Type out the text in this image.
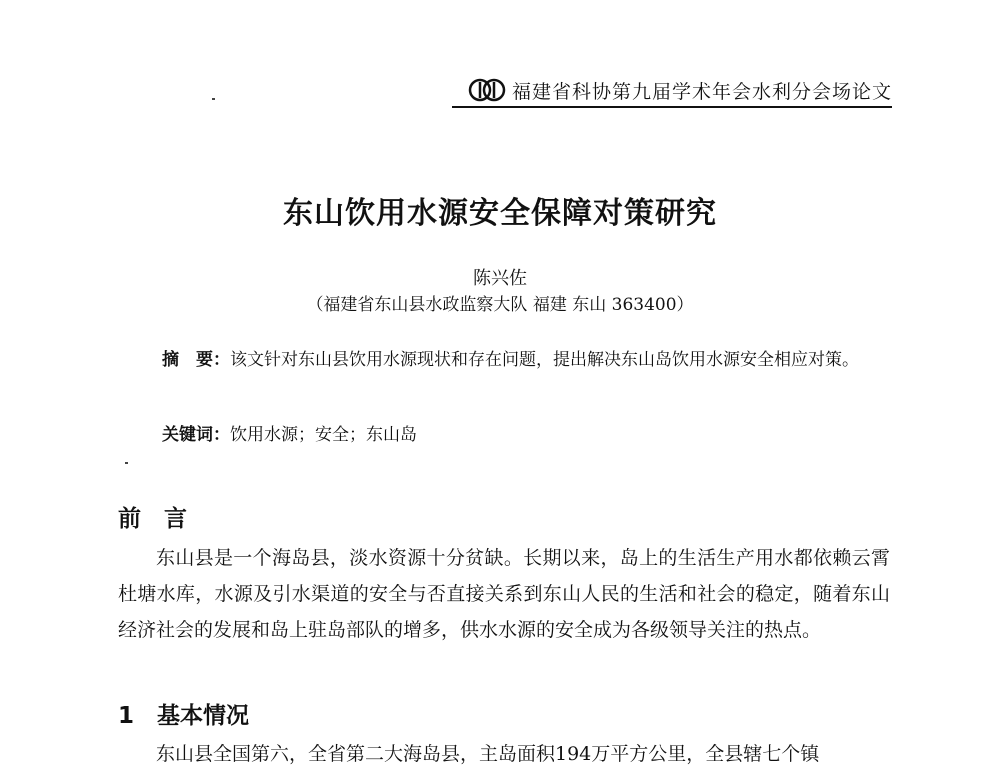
福建省科协第九届学术年会水利分会场论文
东山饮用水源安全保障对策研究
陈兴佐
（福建省东山县水政监察大队 福建 东山 363400）
摘　要：该文针对东山县饮用水源现状和存在问题，提出解决东山岛饮用水源安全相应对策。
关键词：饮用水源；安全；东山岛
前　言
东山县是一个海岛县，淡水资源十分贫缺。长期以来，岛上的生活生产用水都依赖云霄杜塘水库，水源及引水渠道的安全与否直接关系到东山人民的生活和社会的稳定，随着东山经济社会的发展和岛上驻岛部队的增多，供水水源的安全成为各级领导关注的热点。
1　基本情况
东山县全国第六，全省第二大海岛县，主岛面积194万平方公里，全县辖七个镇
